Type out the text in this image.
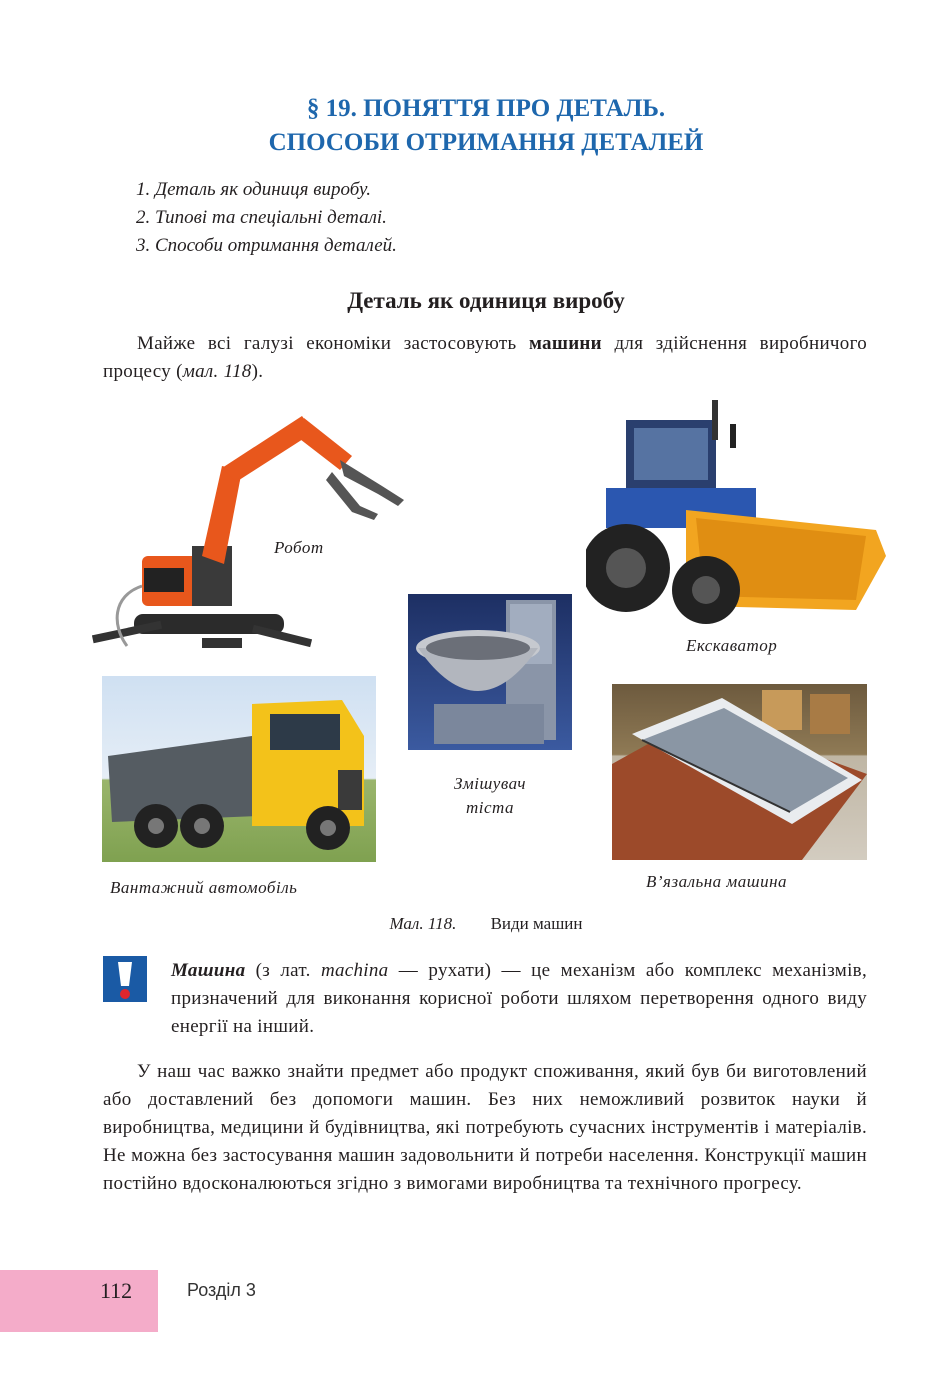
§ 19. ПОНЯТТЯ ПРО ДЕТАЛЬ.
СПОСОБИ ОТРИМАННЯ ДЕТАЛЕЙ
1. Деталь як одиниця виробу.
2. Типові та спеціальні деталі.
3. Способи отримання деталей.
Деталь як одиниця виробу
Майже всі галузі економіки застосовують машини для здійснення виробничого процесу (мал. 118).
Робот
Екскаватор
Змішувач
тіста
Вантажний автомобіль	В’язальна машина
Мал. 118. Види машин
Машина (з лат. machina — рухати) — це механізм або комплекс механізмів, призначений для виконання корисної роботи шляхом перетворення одного виду енергії на інший.
У наш час важко знайти предмет або продукт споживання, який був би виготовлений або доставлений без допомоги машин. Без них неможливий розвиток науки й виробництва, медицини й будівництва, які потребують сучасних інструментів і матеріалів. Не можна без застосування машин задовольнити й потреби населення. Конструкції машин постійно вдосконалюються згідно з вимогами виробництва та технічного прогресу.
112	Розділ 3
